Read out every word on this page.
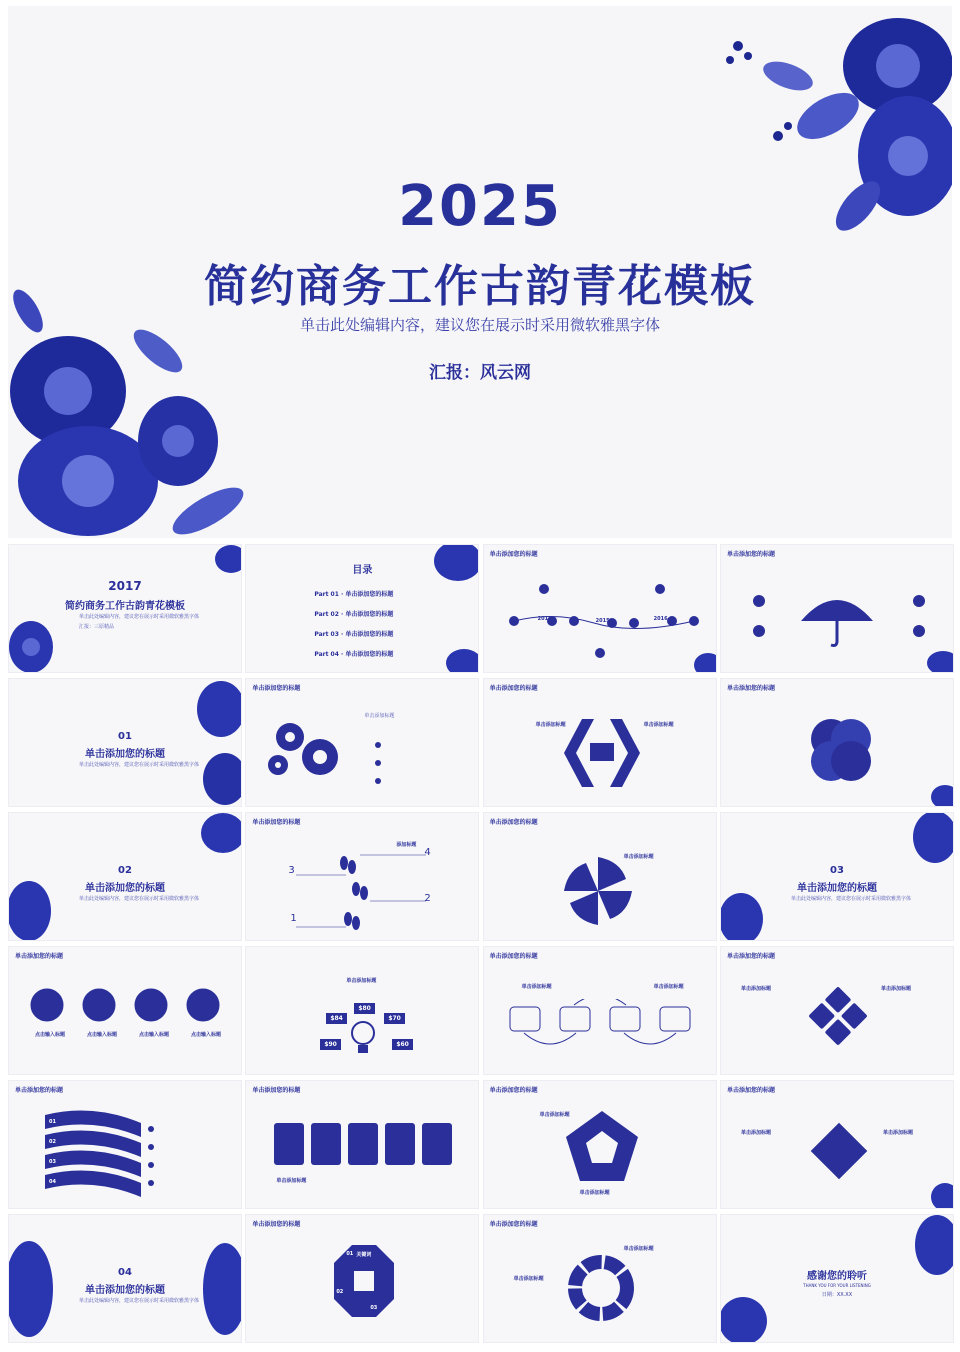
2025
简约商务工作古韵青花模板
单击此处编辑内容，建议您在展示时采用微软雅黑字体
汇报：风云网
2017
简约商务工作古韵青花模板
单击此处编辑内容，建议您在展示时采用微软雅黑字体
汇报：三原精品
目录
Part 01 · 单击添加您的标题
Part 02 · 单击添加您的标题
Part 03 · 单击添加您的标题
Part 04 · 单击添加您的标题
单击添加您的标题
2014	2015	2016
单击添加您的标题
01
单击添加您的标题
单击此处编辑内容，建议您在展示时采用微软雅黑字体
单击添加您的标题
单击添加标题
单击添加您的标题
单击添加标题	单击添加标题
单击添加您的标题
02
单击添加您的标题
单击此处编辑内容，建议您在展示时采用微软雅黑字体
单击添加您的标题
4
3
2
1
添加标题
单击添加您的标题
单击添加标题
03
单击添加您的标题
单击此处编辑内容，建议您在展示时采用微软雅黑字体
单击添加您的标题
点击输入标题	点击输入标题	点击输入标题	点击输入标题
$80
$84	$70
$90	$60
单击添加标题
单击添加您的标题
单击添加标题	单击添加标题
单击添加您的标题
单击添加标题	单击添加标题
单击添加您的标题
01
02
03
04
单击添加您的标题
单击添加标题
单击添加您的标题
单击添加标题
单击添加标题
单击添加您的标题
单击添加标题	单击添加标题
04
单击添加您的标题
单击此处编辑内容，建议您在展示时采用微软雅黑字体
单击添加您的标题
01
02
03
关键词
单击添加您的标题
单击添加标题
单击添加标题	感谢您的聆听
THANK YOU FOR YOUR LISTENING
日期：XX.XX
